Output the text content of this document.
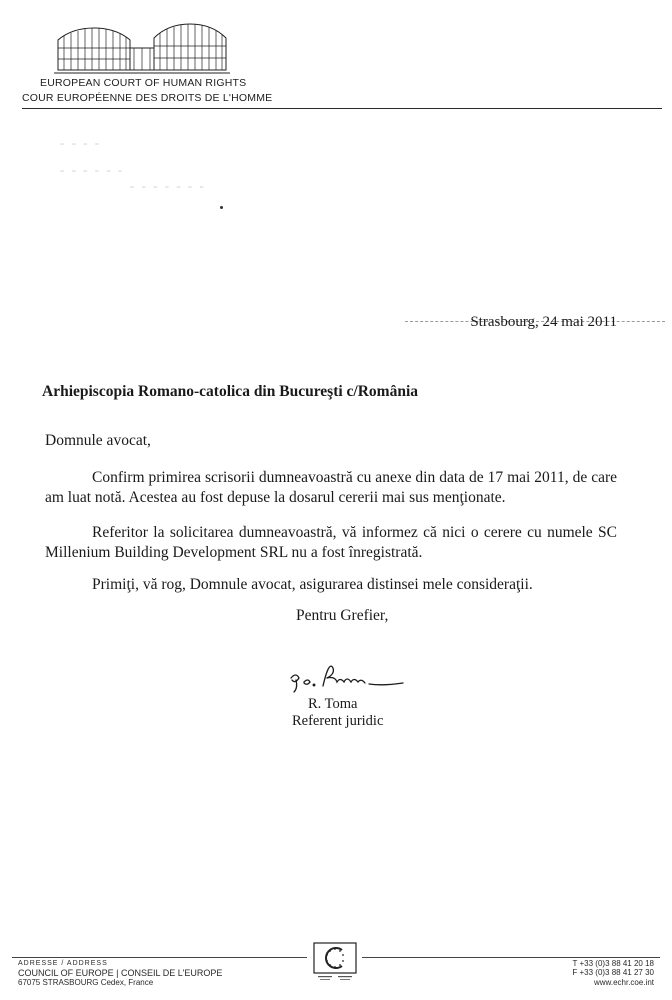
EUROPEAN COURT OF HUMAN RIGHTS
COUR EUROPÉENNE DES DROITS DE L'HOMME
- - - -
- - - - - -
- - - - - - -
Strasbourg, 24 mai 2011
Arhiepiscopia Romano-catolica din Bucureşti c/România
Domnule avocat,
Confirm primirea scrisorii dumneavoastră cu anexe din data de 17 mai 2011, de care am luat notă. Acestea au fost depuse la dosarul cererii mai sus menţionate.
Referitor la solicitarea dumneavoastră, vă informez că nici o cerere cu numele SC Millenium Building Development SRL nu a fost înregistrată.
Primiţi, vă rog, Domnule avocat, asigurarea distinsei mele consideraţii.
Pentru Grefier,
R. Toma
Referent juridic
ADRESSE / ADDRESS
COUNCIL OF EUROPE | CONSEIL DE L'EUROPE
67075 STRASBOURG Cedex, France
T +33 (0)3 88 41 20 18
F +33 (0)3 88 41 27 30
www.echr.coe.int
